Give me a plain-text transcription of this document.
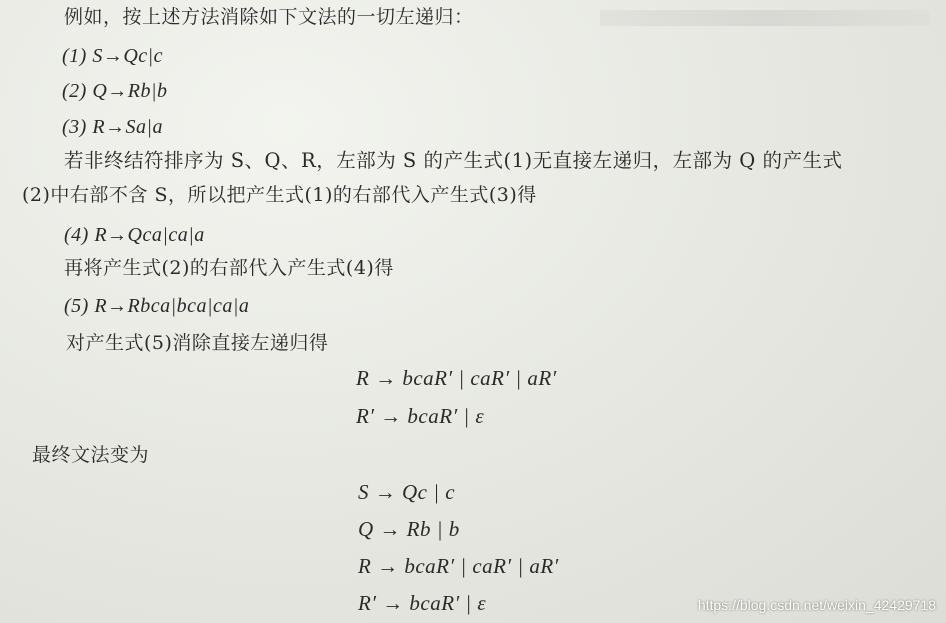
例如，按上述方法消除如下文法的一切左递归：
(1) S→Qc|c
(2) Q→Rb|b
(3) R→Sa|a
若非终结符排序为 S、Q、R，左部为 S 的产生式(1)无直接左递归，左部为 Q 的产生式
(2)中右部不含 S，所以把产生式(1)的右部代入产生式(3)得
(4) R→Qca|ca|a
再将产生式(2)的右部代入产生式(4)得
(5) R→Rbca|bca|ca|a
对产生式(5)消除直接左递归得
R → bcaR′ | caR′ | aR′
R′ → bcaR′ | ε
最终文法变为
S → Qc | c
Q → Rb | b
R → bcaR′ | caR′ | aR′
R′ → bcaR′ | ε	https://blog.csdn.net/weixin_42429718
